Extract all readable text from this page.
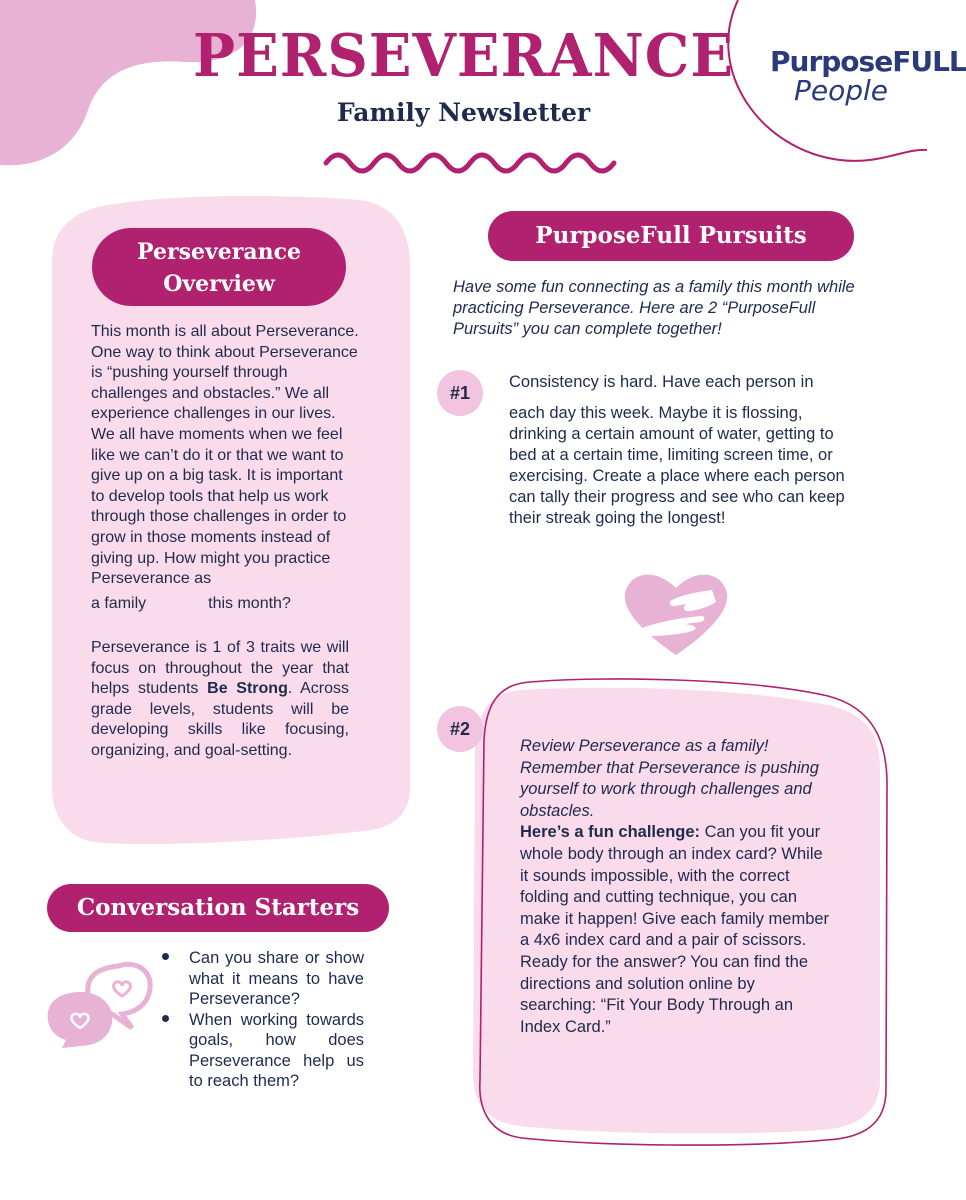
PERSEVERANCE
Family Newsletter
PurposeFULL
People
Perseverance
Overview
This month is all about Perseverance. One way to think about Perseverance is “pushing yourself through challenges and obstacles.” We all experience challenges in our lives. We all have moments when we feel like we can’t do it or that we want to give up on a big task. It is important to develop tools that help us work through those challenges in order to grow in those moments instead of giving up. How might you practice Perseverance as
a family	this month?
Perseverance is 1 of 3 traits we will focus on throughout the year that helps students Be Strong. Across grade levels, students will be developing skills like focusing, organizing, and goal-setting.
PurposeFull Pursuits
Have some fun connecting as a family this month while practicing Perseverance. Here are 2 “PurposeFull Pursuits” you can complete together!
#1
Consistency is hard. Have each person in
each day this week. Maybe it is flossing, drinking a certain amount of water, getting to bed at a certain time, limiting screen time, or exercising. Create a place where each person can tally their progress and see who can keep their streak going the longest!
#2
Review Perseverance as a family! Remember that Perseverance is pushing yourself to work through challenges and obstacles.
Here’s a fun challenge: Can you fit your whole body through an index card? While it sounds impossible, with the correct folding and cutting technique, you can make it happen! Give each family member a 4x6 index card and a pair of scissors. Ready for the answer? You can find the directions and solution online by searching: “Fit Your Body Through an Index Card.”
Conversation Starters
Can you share or show what it means to have Perseverance?
When working towards goals, how does Perseverance help us to reach them?
